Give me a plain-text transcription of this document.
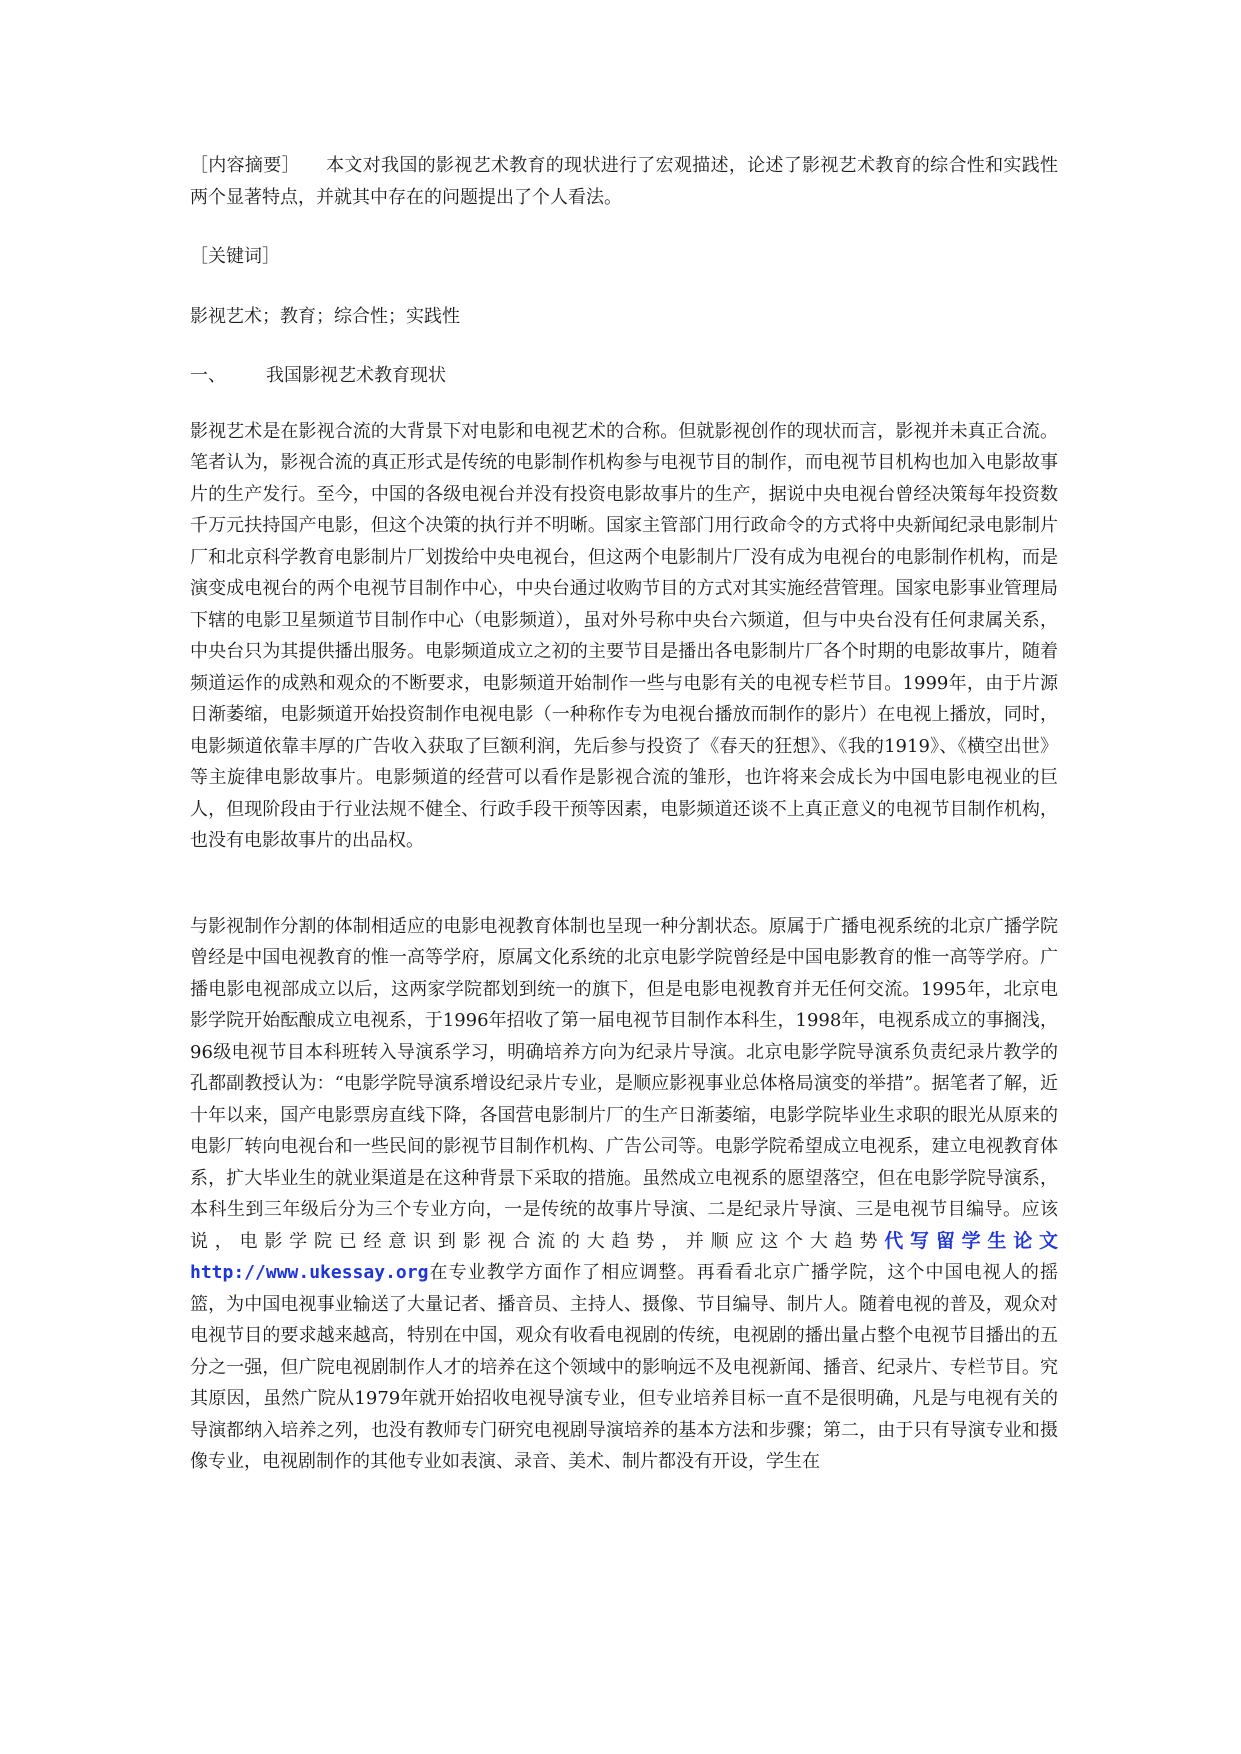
［内容摘要］ 本文对我国的影视艺术教育的现状进行了宏观描述，论述了影视艺术教育的综合性和实践性两个显著特点，并就其中存在的问题提出了个人看法。

［关键词］

影视艺术；教育；综合性；实践性

一、 我国影视艺术教育现状

影视艺术是在影视合流的大背景下对电影和电视艺术的合称。但就影视创作的现状而言，影视并未真正合流。笔者认为，影视合流的真正形式是传统的电影制作机构参与电视节目的制作，而电视节目机构也加入电影故事片的生产发行。至今，中国的各级电视台并没有投资电影故事片的生产，据说中央电视台曾经决策每年投资数千万元扶持国产电影，但这个决策的执行并不明晰。国家主管部门用行政命令的方式将中央新闻纪录电影制片厂和北京科学教育电影制片厂划拨给中央电视台，但这两个电影制片厂没有成为电视台的电影制作机构，而是演变成电视台的两个电视节目制作中心，中央台通过收购节目的方式对其实施经营管理。国家电影事业管理局下辖的电影卫星频道节目制作中心（电影频道），虽对外号称中央台六频道，但与中央台没有任何隶属关系，中央台只为其提供播出服务。电影频道成立之初的主要节目是播出各电影制片厂各个时期的电影故事片，随着频道运作的成熟和观众的不断要求，电影频道开始制作一些与电影有关的电视专栏节目。1999年，由于片源日渐萎缩，电影频道开始投资制作电视电影（一种称作专为电视台播放而制作的影片）在电视上播放，同时，电影频道依靠丰厚的广告收入获取了巨额利润，先后参与投资了《春天的狂想》、《我的1919》、《横空出世》等主旋律电影故事片。电影频道的经营可以看作是影视合流的雏形，也许将来会成长为中国电影电视业的巨人，但现阶段由于行业法规不健全、行政手段干预等因素，电影频道还谈不上真正意义的电视节目制作机构，也没有电影故事片的出品权。

与影视制作分割的体制相适应的电影电视教育体制也呈现一种分割状态。原属于广播电视系统的北京广播学院曾经是中国电视教育的惟一高等学府，原属文化系统的北京电影学院曾经是中国电影教育的惟一高等学府。广播电影电视部成立以后，这两家学院都划到统一的旗下，但是电影电视教育并无任何交流。1995年，北京电影学院开始酝酿成立电视系，于1996年招收了第一届电视节目制作本科生，1998年，电视系成立的事搁浅，96级电视节目本科班转入导演系学习，明确培养方向为纪录片导演。北京电影学院导演系负责纪录片教学的孔都副教授认为：“电影学院导演系增设纪录片专业，是顺应影视事业总体格局演变的举措”。据笔者了解，近十年以来，国产电影票房直线下降，各国营电影制片厂的生产日渐萎缩，电影学院毕业生求职的眼光从原来的电影厂转向电视台和一些民间的影视节目制作机构、广告公司等。电影学院希望成立电视系，建立电视教育体系，扩大毕业生的就业渠道是在这种背景下采取的措施。虽然成立电视系的愿望落空，但在电影学院导演系，本科生到三年级后分为三个专业方向，一是传统的故事片导演、二是纪录片导演、三是电视节目编导。应该说，电影学院已经意识到影视合流的大趋势，并顺应这个大趋势代写留学生论文 http://www.ukessay.org在专业教学方面作了相应调整。再看看北京广播学院，这个中国电视人的摇篮，为中国电视事业输送了大量记者、播音员、主持人、摄像、节目编导、制片人。随着电视的普及，观众对电视节目的要求越来越高，特别在中国，观众有收看电视剧的传统，电视剧的播出量占整个电视节目播出的五分之一强，但广院电视剧制作人才的培养在这个领域中的影响远不及电视新闻、播音、纪录片、专栏节目。究其原因，虽然广院从1979年就开始招收电视导演专业，但专业培养目标一直不是很明确，凡是与电视有关的导演都纳入培养之列，也没有教师专门研究电视剧导演培养的基本方法和步骤；第二，由于只有导演专业和摄像专业，电视剧制作的其他专业如表演、录音、美术、制片都没有开设，学生在
